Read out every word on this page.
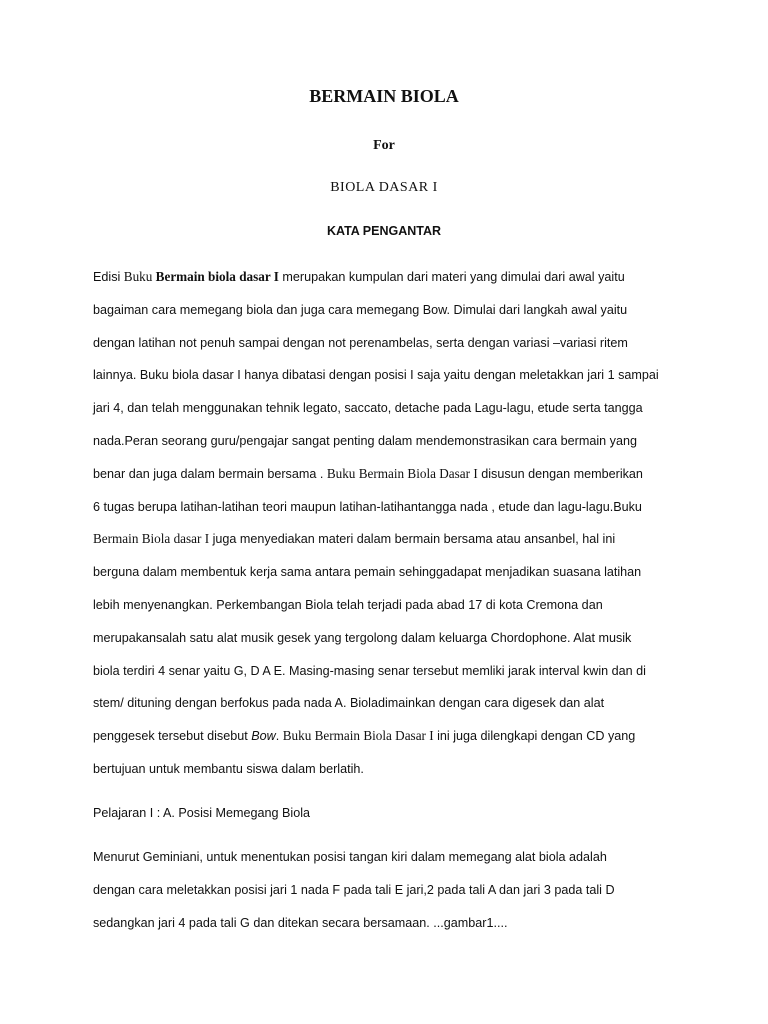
BERMAIN BIOLA
For
BIOLA DASAR I
KATA PENGANTAR
Edisi Buku Bermain biola dasar I merupakan kumpulan dari materi yang dimulai dari awal yaitu
bagaiman cara memegang biola dan juga cara memegang Bow. Dimulai dari langkah awal yaitu
dengan latihan not penuh sampai dengan not perenambelas, serta dengan variasi –variasi ritem
lainnya. Buku biola dasar I hanya dibatasi dengan posisi I saja yaitu dengan meletakkan jari 1 sampai
jari 4, dan telah menggunakan tehnik legato, saccato, detache pada Lagu-lagu, etude serta tangga
nada.Peran seorang guru/pengajar sangat penting dalam mendemonstrasikan cara bermain yang
benar dan juga dalam bermain bersama . Buku Bermain Biola Dasar I disusun dengan memberikan
6 tugas berupa latihan-latihan teori maupun latihan-latihantangga nada , etude dan lagu-lagu.Buku
Bermain Biola dasar I juga menyediakan materi dalam bermain bersama atau ansanbel, hal ini
berguna dalam membentuk kerja sama antara pemain sehinggadapat menjadikan suasana latihan
lebih menyenangkan. Perkembangan Biola telah terjadi pada abad 17 di kota Cremona dan
merupakansalah satu alat musik gesek yang tergolong dalam keluarga Chordophone. Alat musik
biola terdiri 4 senar yaitu G, D A E. Masing-masing senar tersebut memliki jarak interval kwin dan di
stem/ dituning dengan berfokus pada nada A. Bioladimainkan dengan cara digesek dan alat
penggesek tersebut disebut Bow. Buku Bermain Biola Dasar I ini juga dilengkapi dengan CD yang
bertujuan untuk membantu siswa dalam berlatih.
Pelajaran I : A. Posisi Memegang Biola
Menurut Geminiani, untuk menentukan posisi tangan kiri dalam memegang alat biola adalah
dengan cara meletakkan posisi jari 1 nada F pada tali E jari,2 pada tali A dan jari 3 pada tali D
sedangkan jari 4 pada tali G dan ditekan secara bersamaan. ...gambar1....
